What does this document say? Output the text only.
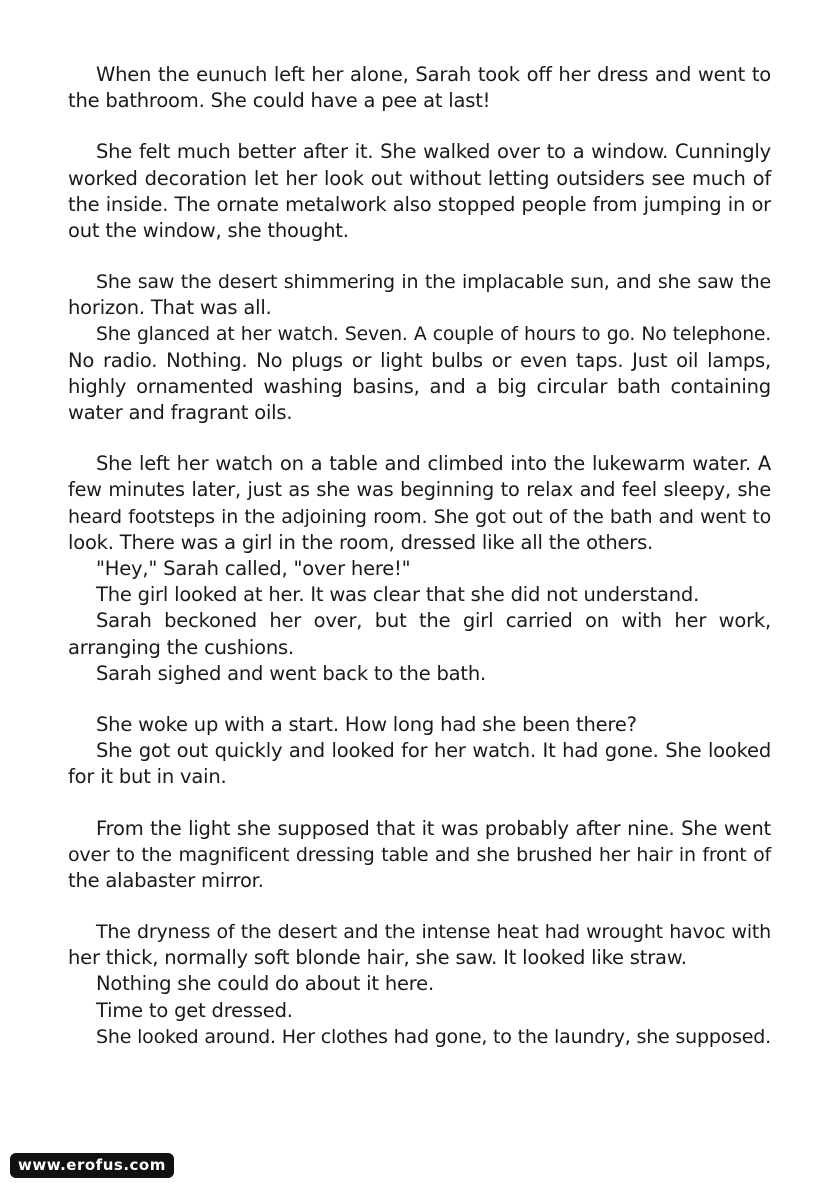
When the eunuch left her alone, Sarah took off her dress and went to
the bathroom. She could have a pee at last!
She felt much better after it. She walked over to a window. Cunningly
worked decoration let her look out without letting outsiders see much of
the inside. The ornate metalwork also stopped people from jumping in or
out the window, she thought.
She saw the desert shimmering in the implacable sun, and she saw the
horizon. That was all.
She glanced at her watch. Seven. A couple of hours to go. No telephone.
No radio. Nothing. No plugs or light bulbs or even taps. Just oil lamps,
highly ornamented washing basins, and a big circular bath containing
water and fragrant oils.
She left her watch on a table and climbed into the lukewarm water. A
few minutes later, just as she was beginning to relax and feel sleepy, she
heard footsteps in the adjoining room. She got out of the bath and went to
look. There was a girl in the room, dressed like all the others.
"Hey," Sarah called, "over here!"
The girl looked at her. It was clear that she did not understand.
Sarah beckoned her over, but the girl carried on with her work,
arranging the cushions.
Sarah sighed and went back to the bath.
She woke up with a start. How long had she been there?
She got out quickly and looked for her watch. It had gone. She looked
for it but in vain.
From the light she supposed that it was probably after nine. She went
over to the magnificent dressing table and she brushed her hair in front of
the alabaster mirror.
The dryness of the desert and the intense heat had wrought havoc with
her thick, normally soft blonde hair, she saw. It looked like straw.
Nothing she could do about it here.
Time to get dressed.
She looked around. Her clothes had gone, to the laundry, she supposed.
www.erofus.com
